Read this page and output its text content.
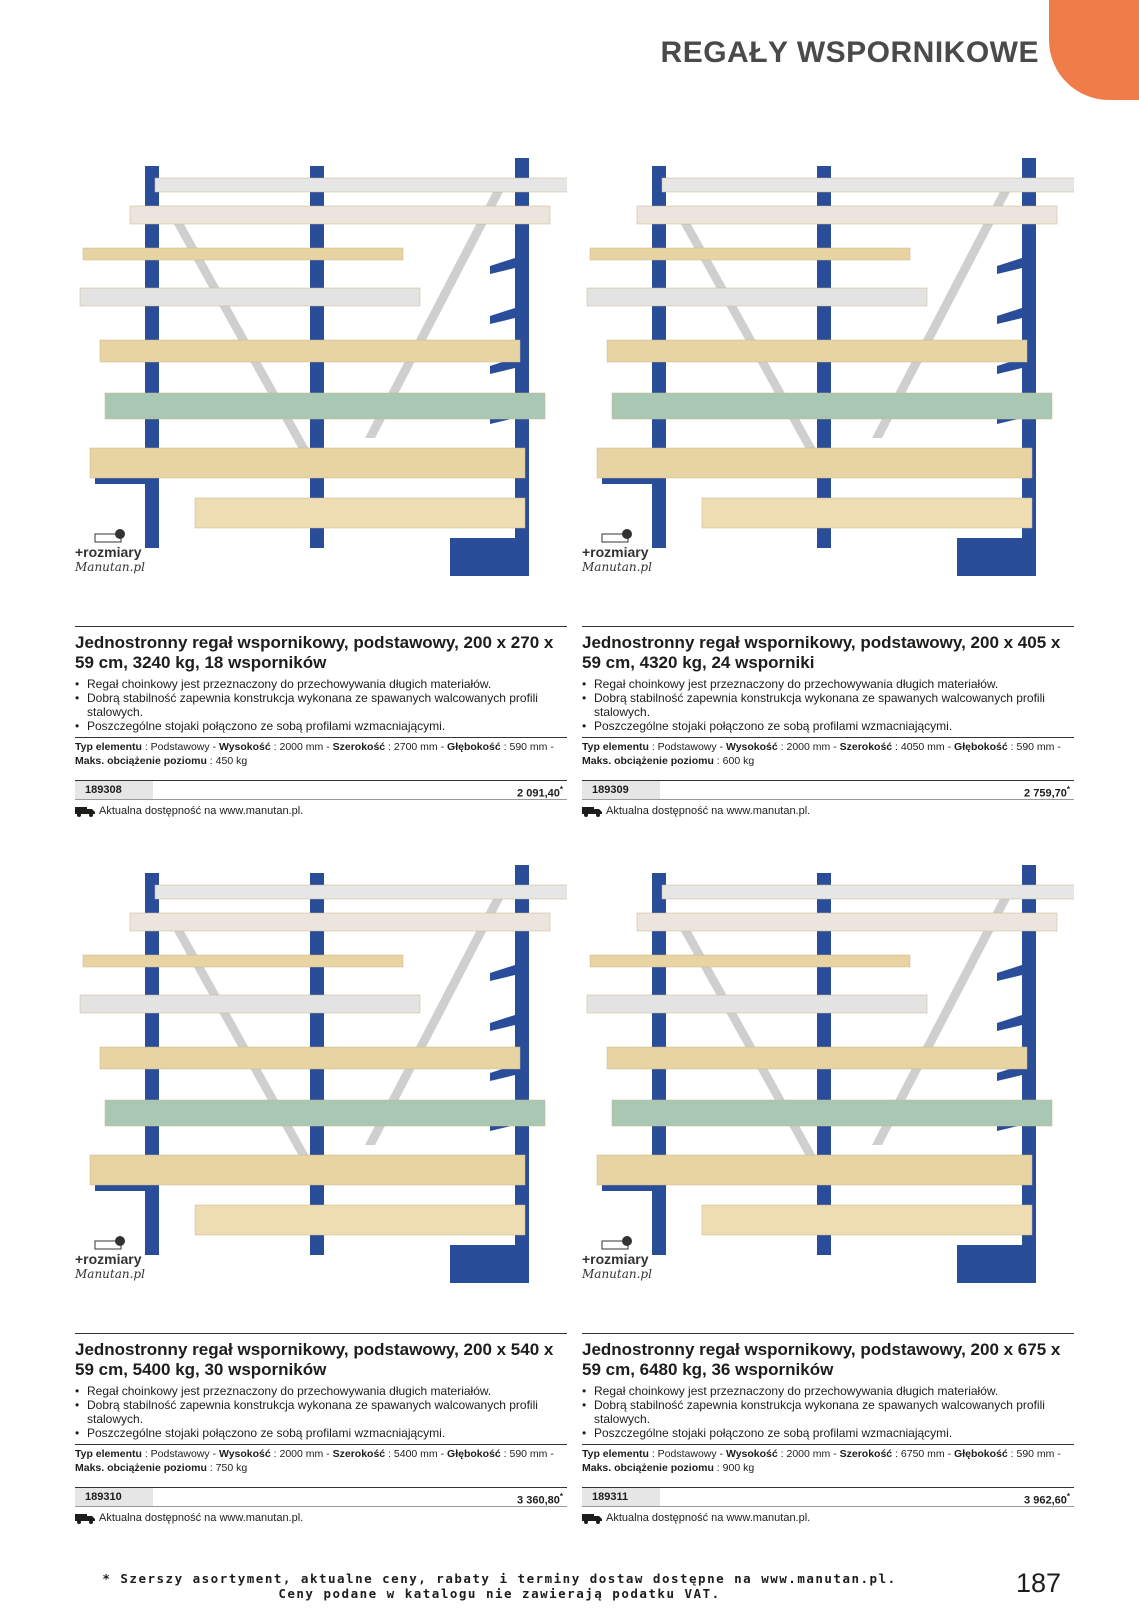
REGAŁY WSPORNIKOWE
+rozmiary
Manutan.pl
Jednostronny regał wspornikowy, podstawowy, 200 x 270 x 59 cm, 3240 kg, 18 wsporników
• Regał choinkowy jest przeznaczony do przechowywania długich materiałów.
• Dobrą stabilność zapewnia konstrukcja wykonana ze spawanych walcowanych profili stalowych.
• Poszczególne stojaki połączono ze sobą profilami wzmacniającymi.
Typ elementu : Podstawowy - Wysokość : 2000 mm - Szerokość : 2700 mm - Głębokość : 590 mm -
Maks. obciążenie poziomu : 450 kg
189308	2 091,40*
Aktualna dostępność na www.manutan.pl.
+rozmiary
Manutan.pl
Jednostronny regał wspornikowy, podstawowy, 200 x 405 x 59 cm, 4320 kg, 24 wsporniki
• Regał choinkowy jest przeznaczony do przechowywania długich materiałów.
• Dobrą stabilność zapewnia konstrukcja wykonana ze spawanych walcowanych profili stalowych.
• Poszczególne stojaki połączono ze sobą profilami wzmacniającymi.
Typ elementu : Podstawowy - Wysokość : 2000 mm - Szerokość : 4050 mm - Głębokość : 590 mm -
Maks. obciążenie poziomu : 600 kg
189309	2 759,70*
Aktualna dostępność na www.manutan.pl.
+rozmiary
Manutan.pl
Jednostronny regał wspornikowy, podstawowy, 200 x 540 x 59 cm, 5400 kg, 30 wsporników
• Regał choinkowy jest przeznaczony do przechowywania długich materiałów.
• Dobrą stabilność zapewnia konstrukcja wykonana ze spawanych walcowanych profili stalowych.
• Poszczególne stojaki połączono ze sobą profilami wzmacniającymi.
Typ elementu : Podstawowy - Wysokość : 2000 mm - Szerokość : 5400 mm - Głębokość : 590 mm -
Maks. obciążenie poziomu : 750 kg
189310	3 360,80*
Aktualna dostępność na www.manutan.pl.
+rozmiary
Manutan.pl
Jednostronny regał wspornikowy, podstawowy, 200 x 675 x 59 cm, 6480 kg, 36 wsporników
• Regał choinkowy jest przeznaczony do przechowywania długich materiałów.
• Dobrą stabilność zapewnia konstrukcja wykonana ze spawanych walcowanych profili stalowych.
• Poszczególne stojaki połączono ze sobą profilami wzmacniającymi.
Typ elementu : Podstawowy - Wysokość : 2000 mm - Szerokość : 6750 mm - Głębokość : 590 mm -
Maks. obciążenie poziomu : 900 kg
189311	3 962,60*
Aktualna dostępność na www.manutan.pl.
* Szerszy asortyment, aktualne ceny, rabaty i terminy dostaw dostępne na www.manutan.pl.
Ceny podane w katalogu nie zawierają podatku VAT.	187
